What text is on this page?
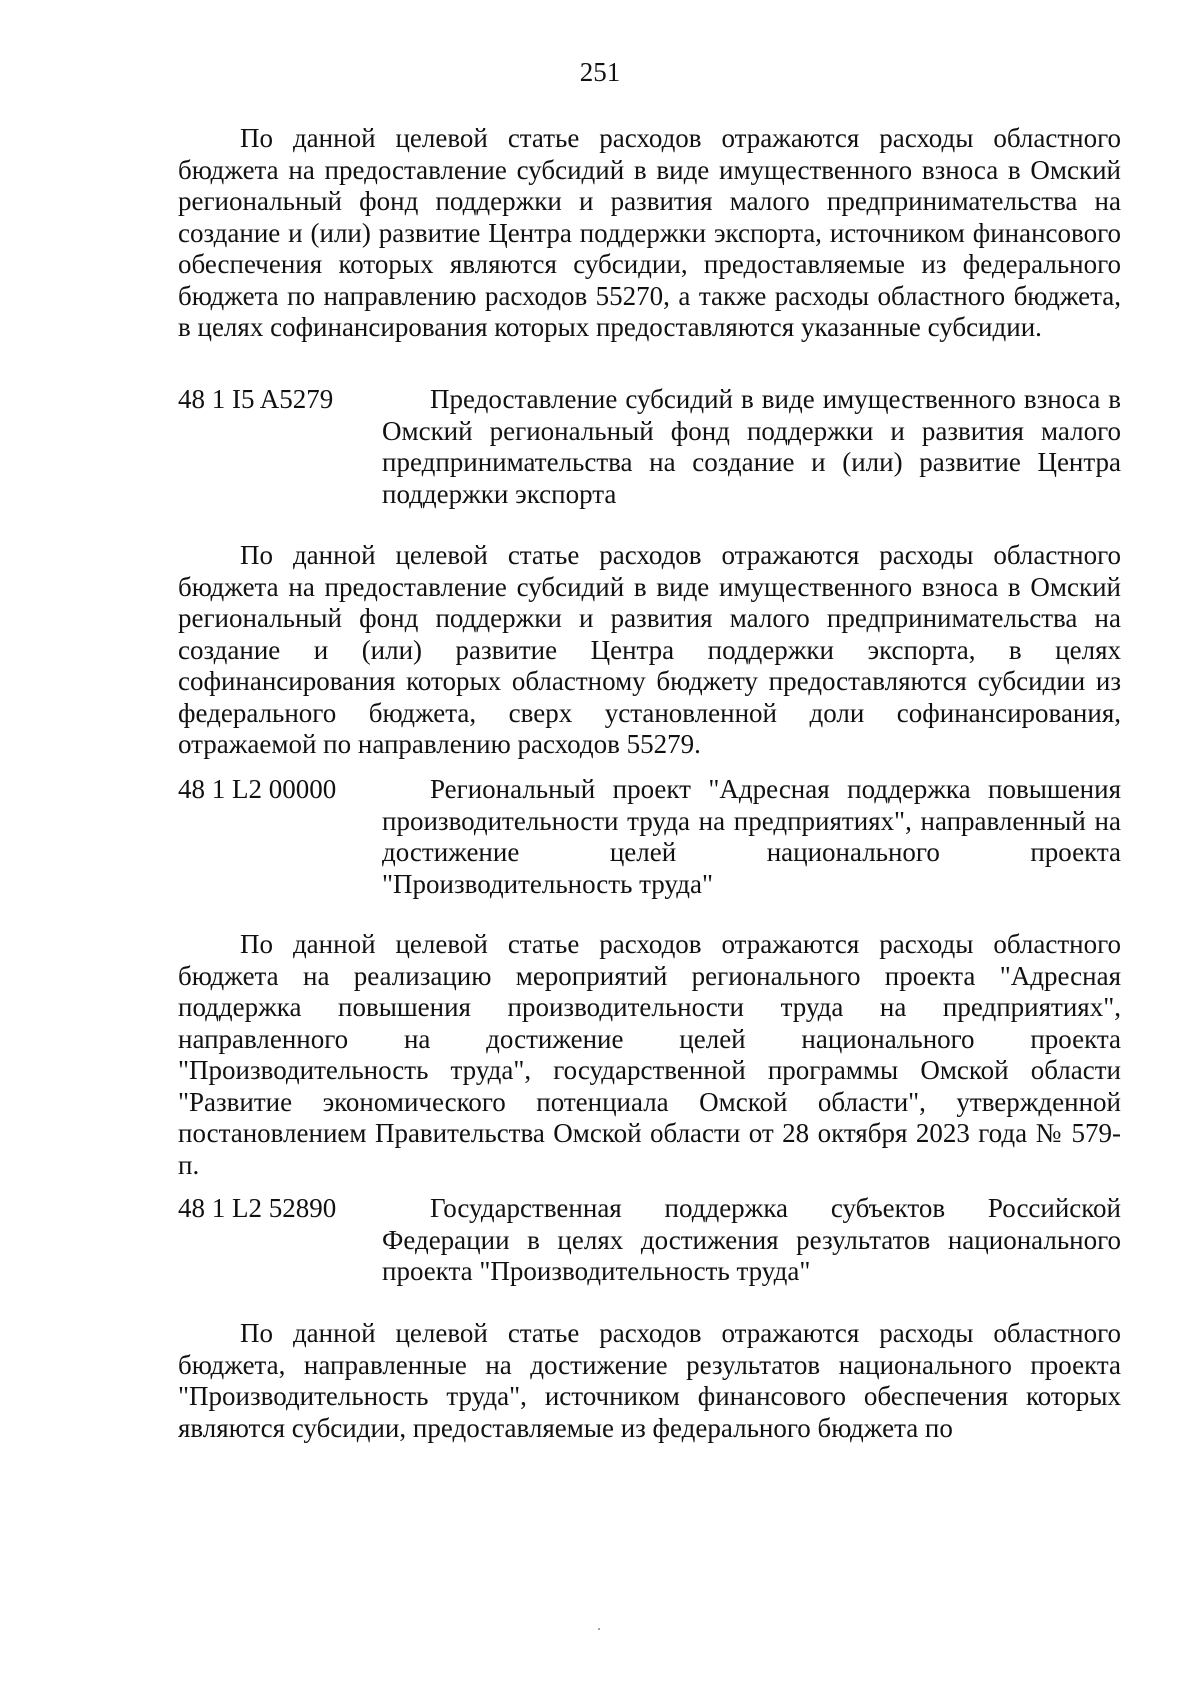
251

По данной целевой статье расходов отражаются расходы областного бюджета на предоставление субсидий в виде имущественного взноса в Омский региональный фонд поддержки и развития малого предпринимательства на создание и (или) развитие Центра поддержки экспорта, источником финансового обеспечения которых являются субсидии, предоставляемые из федерального бюджета по направлению расходов 55270, а также расходы областного бюджета, в целях софинансирования которых предоставляются указанные субсидии.

48 1 I5 A5279	Предоставление субсидий в виде имущественного взноса в Омский региональный фонд поддержки и развития малого предпринимательства на создание и (или) развитие Центра поддержки экспорта

По данной целевой статье расходов отражаются расходы областного бюджета на предоставление субсидий в виде имущественного взноса в Омский региональный фонд поддержки и развития малого предпринимательства на создание и (или) развитие Центра поддержки экспорта, в целях софинансирования которых областному бюджету предоставляются субсидии из федерального бюджета, сверх установленной доли софинансирования, отражаемой по направлению расходов 55279.

48 1 L2 00000	Региональный проект "Адресная поддержка повышения производительности труда на предприятиях", направленный на достижение целей национального проекта "Производительность труда"

По данной целевой статье расходов отражаются расходы областного бюджета на реализацию мероприятий регионального проекта "Адресная поддержка повышения производительности труда на предприятиях", направленного на достижение целей национального проекта "Производительность труда", государственной программы Омской области "Развитие экономического потенциала Омской области", утвержденной постановлением Правительства Омской области от 28 октября 2023 года № 579-п.

48 1 L2 52890	Государственная поддержка субъектов Российской Федерации в целях достижения результатов национального проекта "Производительность труда"

По данной целевой статье расходов отражаются расходы областного бюджета, направленные на достижение результатов национального проекта "Производительность труда", источником финансового обеспечения которых являются субсидии, предоставляемые из федерального бюджета по
